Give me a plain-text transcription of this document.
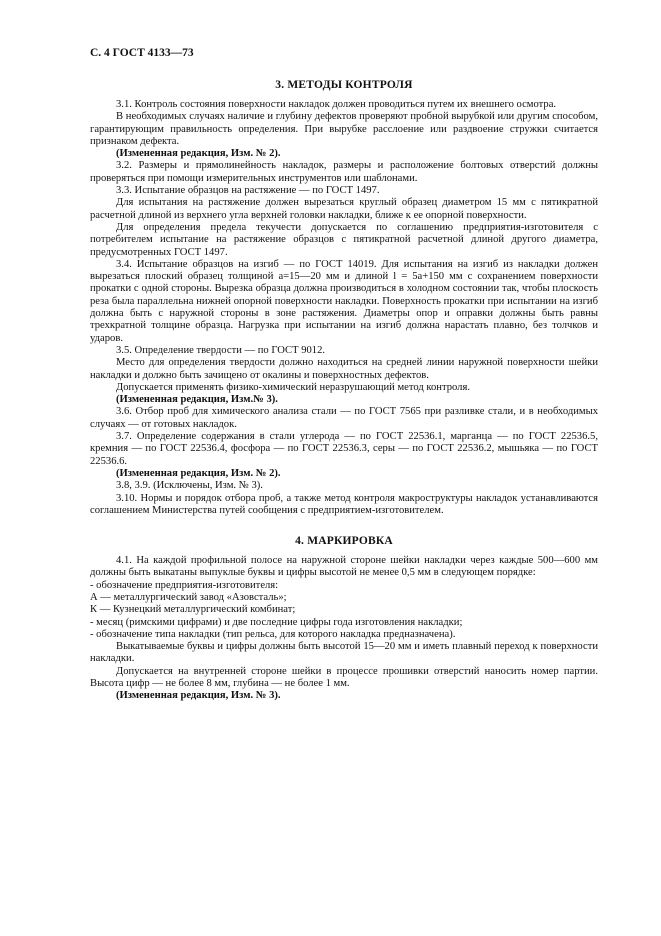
С. 4 ГОСТ 4133—73
3. МЕТОДЫ КОНТРОЛЯ

3.1. Контроль состояния поверхности накладок должен проводиться путем их внешнего осмотра.

В необходимых случаях наличие и глубину дефектов проверяют пробной вырубкой или другим способом, гарантирующим правильность определения. При вырубке расслоение или раздвоение стружки считается признаком дефекта.

(Измененная редакция, Изм. № 2).

3.2. Размеры и прямолинейность накладок, размеры и расположение болтовых отверстий должны проверяться при помощи измерительных инструментов или шаблонами.

3.3. Испытание образцов на растяжение — по ГОСТ 1497.

Для испытания на растяжение должен вырезаться круглый образец диаметром 15 мм с пятикратной расчетной длиной из верхнего угла верхней головки накладки, ближе к ее опорной поверхности.

Для определения предела текучести допускается по соглашению предприятия-изготовителя с потребителем испытание на растяжение образцов с пятикратной расчетной длиной другого диаметра, предусмотренных ГОСТ 1497.

3.4. Испытание образцов на изгиб — по ГОСТ 14019. Для испытания на изгиб из накладки должен вырезаться плоский образец толщиной a=15—20 мм и длиной l = 5a+150 мм с сохранением поверхности прокатки с одной стороны. Вырезка образца должна производиться в холодном состоянии так, чтобы плоскость реза была параллельна нижней опорной поверхности накладки. Поверхность прокатки при испытании на изгиб должна быть с наружной стороны в зоне растяжения. Диаметры опор и оправки должны быть равны трехкратной толщине образца. Нагрузка при испытании на изгиб должна нарастать плавно, без толчков и ударов.

3.5. Определение твердости — по ГОСТ 9012.

Место для определения твердости должно находиться на средней линии наружной поверхности шейки накладки и должно быть зачищено от окалины и поверхностных дефектов.

Допускается применять физико-химический неразрушающий метод контроля.

(Измененная редакция, Изм.№ 3).

3.6. Отбор проб для химического анализа стали — по ГОСТ 7565 при разливке стали, и в необходимых случаях — от готовых накладок.

3.7. Определение содержания в стали углерода — по ГОСТ 22536.1, марганца — по ГОСТ 22536.5, кремния — по ГОСТ 22536.4, фосфора — по ГОСТ 22536.3, серы — по ГОСТ 22536.2, мышьяка — по ГОСТ 22536.6.

(Измененная редакция, Изм. № 2).

3.8, 3.9. (Исключены, Изм. № 3).

3.10. Нормы и порядок отбора проб, а также метод контроля макроструктуры накладок устанавливаются соглашением Министерства путей сообщения с предприятием-изготовителем.

4. МАРКИРОВКА

4.1. На каждой профильной полосе на наружной стороне шейки накладки через каждые 500—600 мм должны быть выкатаны выпуклые буквы и цифры высотой не менее 0,5 мм в следующем порядке:

- обозначение предприятия-изготовителя:

А — металлургический завод «Азовсталь»;

К — Кузнецкий металлургический комбинат;

- месяц (римскими цифрами) и две последние цифры года изготовления накладки;

- обозначение типа накладки (тип рельса, для которого накладка предназначена).

Выкатываемые буквы и цифры должны быть высотой 15—20 мм и иметь плавный переход к поверхности накладки.

Допускается на внутренней стороне шейки в процессе прошивки отверстий наносить номер партии. Высота цифр — не более 8 мм, глубина — не более 1 мм.

(Измененная редакция, Изм. № 3).
